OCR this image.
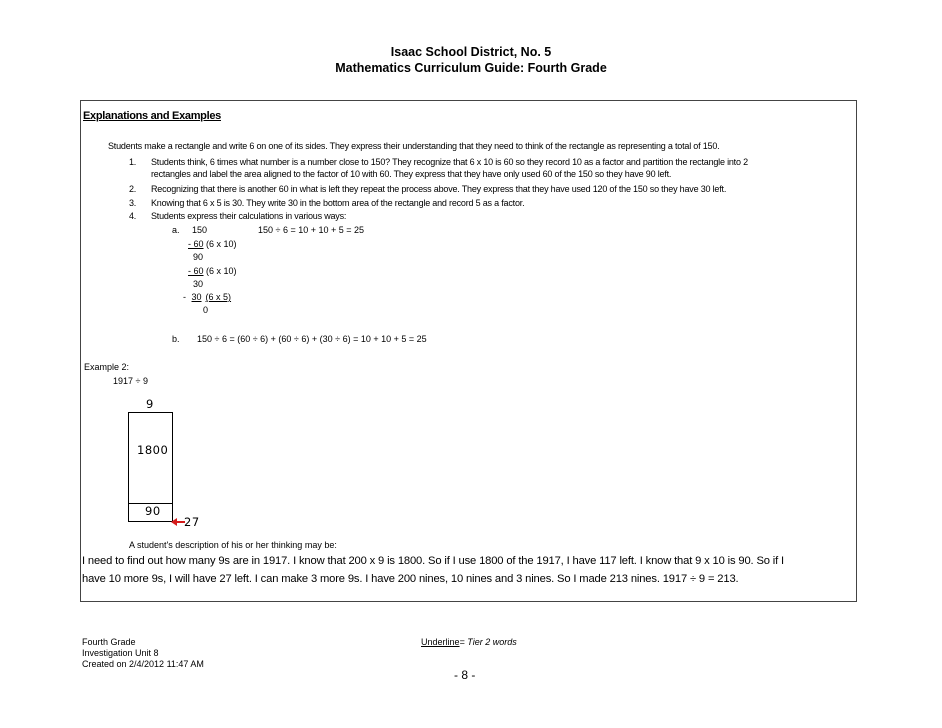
Isaac School District, No. 5
Mathematics Curriculum Guide: Fourth Grade
Explanations and Examples
Students make a rectangle and write 6 on one of its sides. They express their understanding that they need to think of the rectangle as representing a total of 150.
1. Students think, 6 times what number is a number close to 150? They recognize that 6 x 10 is 60 so they record 10 as a factor and partition the rectangle into 2
rectangles and label the area aligned to the factor of 10 with 60. They express that they have only used 60 of the 150 so they have 90 left.
2. Recognizing that there is another 60 in what is left they repeat the process above. They express that they have used 120 of the 150 so they have 30 left.
3. Knowing that 6 x 5 is 30. They write 30 in the bottom area of the rectangle and record 5 as a factor.
4. Students express their calculations in various ways:
a. 150	150 ÷ 6 = 10 + 10 + 5 = 25
- 60 (6 x 10)
90
- 60 (6 x 10)
30
- 30 (6 x 5)
0
b. 150 ÷ 6 = (60 ÷ 6) + (60 ÷ 6) + (30 ÷ 6) = 10 + 10 + 5 = 25
Example 2:
1917 ÷ 9
9
1800
90
27
A student's description of his or her thinking may be:
I need to find out how many 9s are in 1917. I know that 200 x 9 is 1800. So if I use 1800 of the 1917, I have 117 left. I know that 9 x 10 is 90. So if I
have 10 more 9s, I will have 27 left. I can make 3 more 9s. I have 200 nines, 10 nines and 3 nines. So I made 213 nines. 1917 ÷ 9 = 213.
Fourth Grade
Investigation Unit 8
Created on 2/4/2012 11:47 AM
Underline= Tier 2 words
- 8 -
